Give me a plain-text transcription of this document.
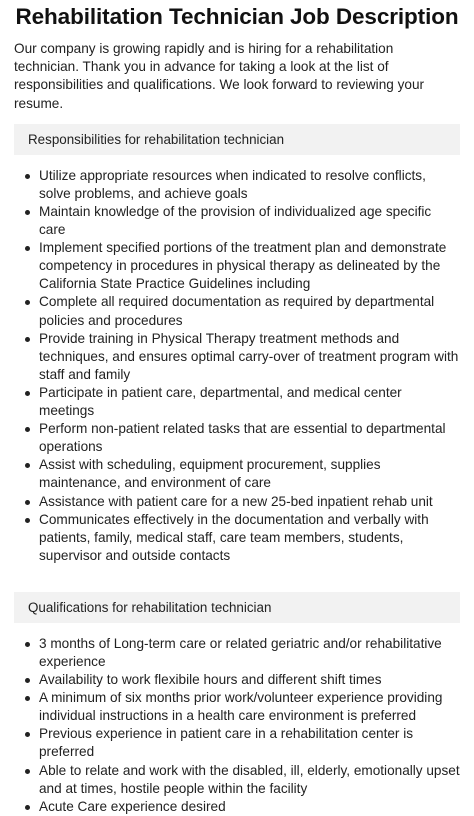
Rehabilitation Technician Job Description

Our company is growing rapidly and is hiring for a rehabilitation technician. Thank you in advance for taking a look at the list of responsibilities and qualifications. We look forward to reviewing your resume.

Responsibilities for rehabilitation technician
Utilize appropriate resources when indicated to resolve conflicts, solve problems, and achieve goals
Maintain knowledge of the provision of individualized age specific care
Implement specified portions of the treatment plan and demonstrate competency in procedures in physical therapy as delineated by the California State Practice Guidelines including
Complete all required documentation as required by departmental policies and procedures
Provide training in Physical Therapy treatment methods and techniques, and ensures optimal carry-over of treatment program with staff and family
Participate in patient care, departmental, and medical center meetings
Perform non-patient related tasks that are essential to departmental operations
Assist with scheduling, equipment procurement, supplies maintenance, and environment of care
Assistance with patient care for a new 25-bed inpatient rehab unit
Communicates effectively in the documentation and verbally with patients, family, medical staff, care team members, students, supervisor and outside contacts
Qualifications for rehabilitation technician
3 months of Long-term care or related geriatric and/or rehabilitative experience
Availability to work flexibile hours and different shift times
A minimum of six months prior work/volunteer experience providing individual instructions in a health care environment is preferred
Previous experience in patient care in a rehabilitation center is preferred
Able to relate and work with the disabled, ill, elderly, emotionally upset and at times, hostile people within the facility
Acute Care experience desired
